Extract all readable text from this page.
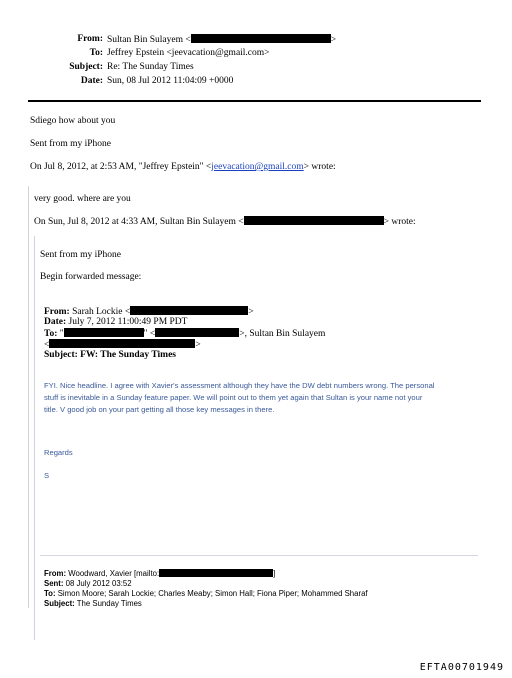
From: Sultan Bin Sulayem <	>
To: Jeffrey Epstein <jeevacation@gmail.com>
Subject: Re: The Sunday Times
Date: Sun, 08 Jul 2012 11:04:09 +0000
Sdiego how about you
Sent from my iPhone
On Jul 8, 2012, at 2:53 AM, "Jeffrey Epstein" <jeevacation@gmail.com> wrote:
very good. where are you
On Sun, Jul 8, 2012 at 4:33 AM, Sultan Bin Sulayem <	> wrote:
Sent from my iPhone
Begin forwarded message:
From: Sarah Lockie <	>
Date: July 7, 2012 11:00:49 PM PDT
To: "	" <	>, Sultan Bin Sulayem
<	>
Subject: FW: The Sunday Times
FYI. Nice headline. I agree with Xavier's assessment although they have the DW debt numbers wrong. The personal
stuff is inevitable in a Sunday feature paper. We will point out to them yet again that Sultan is your name not your
title. V good job on your part getting all those key messages in there.
Regards
S
From: Woodward, Xavier [mailto:	]
Sent: 08 July 2012 03:52
To: Simon Moore; Sarah Lockie; Charles Meaby; Simon Hall; Fiona Piper; Mohammed Sharaf
Subject: The Sunday Times
EFTA00701949
